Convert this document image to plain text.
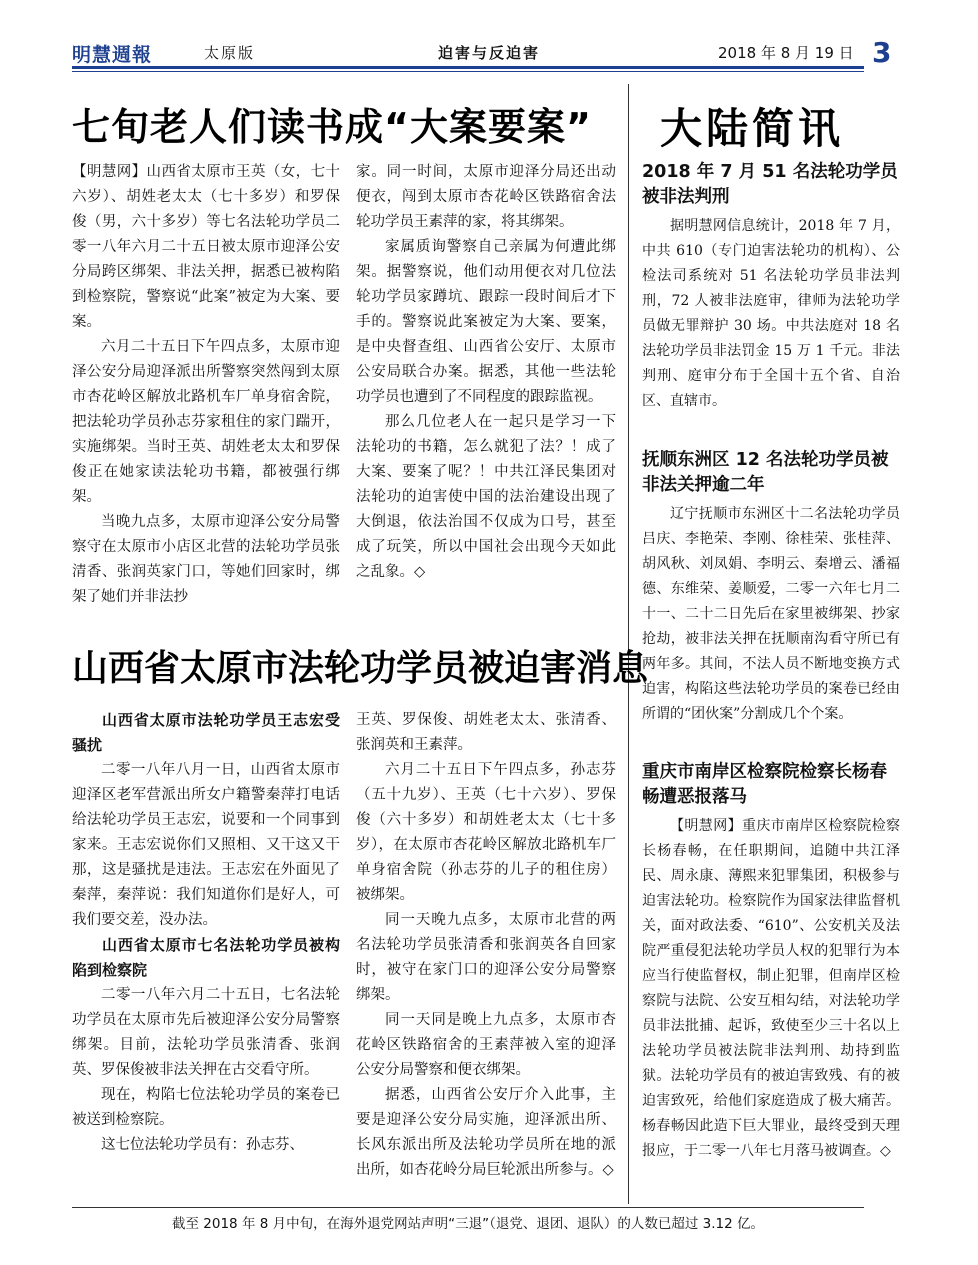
明慧週報	太原版	迫害与反迫害	2018 年 8 月 19 日 3
七旬老人们读书成“大案要案”

【明慧网】山西省太原市王英（女，七十六岁）、胡姓老太太（七十多岁）和罗保俊（男，六十多岁）等七名法轮功学员二零一八年六月二十五日被太原市迎泽公安分局跨区绑架、非法关押，据悉已被构陷到检察院，警察说“此案”被定为大案、要案。

六月二十五日下午四点多，太原市迎泽公安分局迎泽派出所警察突然闯到太原市杏花岭区解放北路机车厂单身宿舍院，把法轮功学员孙志芬家租住的家门踹开，实施绑架。当时王英、胡姓老太太和罗保俊正在她家读法轮功书籍，都被强行绑架。

当晚九点多，太原市迎泽公安分局警察守在太原市小店区北营的法轮功学员张清香、张润英家门口，等她们回家时，绑架了她们并非法抄

家。同一时间，太原市迎泽分局还出动便衣，闯到太原市杏花岭区铁路宿舍法轮功学员王素萍的家，将其绑架。

家属质询警察自己亲属为何遭此绑架。据警察说，他们动用便衣对几位法轮功学员家蹲坑、跟踪一段时间后才下手的。警察说此案被定为大案、要案，是中央督查组、山西省公安厅、太原市公安局联合办案。据悉，其他一些法轮功学员也遭到了不同程度的跟踪监视。

那么几位老人在一起只是学习一下法轮功的书籍，怎么就犯了法？！成了大案、要案了呢？！中共江泽民集团对法轮功的迫害使中国的法治建设出现了大倒退，依法治国不仅成为口号，甚至成了玩笑，所以中国社会出现今天如此之乱象。◇

山西省太原市法轮功学员被迫害消息
山西省太原市法轮功学员王志宏受骚扰

二零一八年八月一日，山西省太原市迎泽区老军营派出所女户籍警秦萍打电话给法轮功学员王志宏，说要和一个同事到家来。王志宏说你们又照相、又干这又干那，这是骚扰是违法。王志宏在外面见了秦萍，秦萍说：我们知道你们是好人，可我们要交差，没办法。

山西省太原市七名法轮功学员被构陷到检察院

二零一八年六月二十五日，七名法轮功学员在太原市先后被迎泽公安分局警察绑架。目前，法轮功学员张清香、张润英、罗保俊被非法关押在古交看守所。

现在，构陷七位法轮功学员的案卷已被送到检察院。

这七位法轮功学员有：孙志芬、

王英、罗保俊、胡姓老太太、张清香、张润英和王素萍。

六月二十五日下午四点多，孙志芬（五十九岁）、王英（七十六岁）、罗保俊（六十多岁）和胡姓老太太（七十多岁），在太原市杏花岭区解放北路机车厂单身宿舍院（孙志芬的儿子的租住房）被绑架。

同一天晚九点多，太原市北营的两名法轮功学员张清香和张润英各自回家时，被守在家门口的迎泽公安分局警察绑架。

同一天同是晚上九点多，太原市杏花岭区铁路宿舍的王素萍被入室的迎泽公安分局警察和便衣绑架。

据悉，山西省公安厅介入此事，主要是迎泽公安分局实施，迎泽派出所、长风东派出所及法轮功学员所在地的派出所，如杏花岭分局巨轮派出所参与。◇

大陆简讯
2018 年 7 月 51 名法轮功学员被非法判刑

据明慧网信息统计，2018 年 7 月，中共 610（专门迫害法轮功的机构）、公检法司系统对 51 名法轮功学员非法判刑，72 人被非法庭审，律师为法轮功学员做无罪辩护 30 场。中共法庭对 18 名法轮功学员非法罚金 15 万 1 千元。非法判刑、庭审分布于全国十五个省、自治区、直辖市。

抚顺东洲区 12 名法轮功学员被非法关押逾二年

辽宁抚顺市东洲区十二名法轮功学员吕庆、李艳荣、李刚、徐桂荣、张桂萍、胡风秋、刘凤娟、李明云、秦增云、潘福德、东维荣、姜顺爱，二零一六年七月二十一、二十二日先后在家里被绑架、抄家抢劫，被非法关押在抚顺南沟看守所已有两年多。其间，不法人员不断地变换方式迫害，构陷这些法轮功学员的案卷已经由所谓的“团伙案”分割成几个个案。

重庆市南岸区检察院检察长杨春畅遭恶报落马

【明慧网】重庆市南岸区检察院检察长杨春畅，在任职期间，追随中共江泽民、周永康、薄熙来犯罪集团，积极参与迫害法轮功。检察院作为国家法律监督机关，面对政法委、“610”、公安机关及法院严重侵犯法轮功学员人权的犯罪行为本应当行使监督权，制止犯罪，但南岸区检察院与法院、公安互相勾结，对法轮功学员非法批捕、起诉，致使至少三十名以上法轮功学员被法院非法判刑、劫持到监狱。法轮功学员有的被迫害致残、有的被迫害致死，给他们家庭造成了极大痛苦。杨春畅因此造下巨大罪业，最终受到天理报应，于二零一八年七月落马被调查。◇

截至 2018 年 8 月中旬，在海外退党网站声明“三退”（退党、退团、退队）的人数已超过 3.12 亿。
